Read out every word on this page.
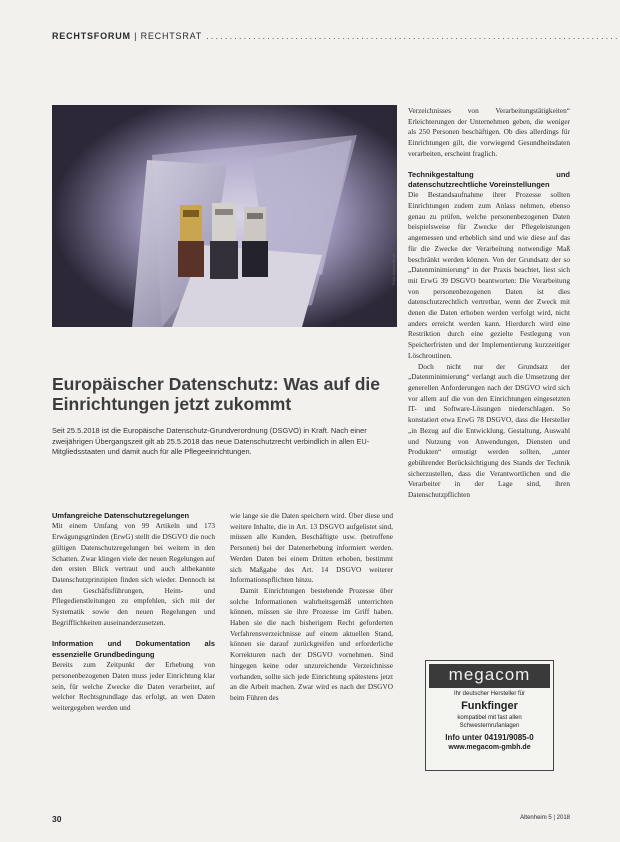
RECHTSFORUM | RECHTSRAT ........................................................................................
Foto: AdobeStock
Europäischer Datenschutz: Was auf die Einrichtungen jetzt zukommt
Seit 25.5.2018 ist die Europäische Datenschutz-Grundverordnung (DSGVO) in Kraft. Nach einer zweijährigen Übergangszeit gilt ab 25.5.2018 das neue Datenschutzrecht verbindlich in allen EU-Mitgliedsstaaten und damit auch für alle Pflegeeinrichtungen.

Umfangreiche Datenschutzregelungen

Mit einem Umfang von 99 Artikeln und 173 Erwägungsgründen (ErwG) stellt die DSGVO die noch gültigen Datenschutzregelungen bei weitem in den Schatten. Zwar klingen viele der neuen Regelungen auf den ersten Blick vertraut und auch altbekannte Datenschutzprinzipien finden sich wieder. Dennoch ist den Geschäftsführungen, Heim- und Pflegedienstleitungen zu empfehlen, sich mit der Systematik sowie den neuen Regelungen und Begrifflichkeiten auseinanderzusetzen.

Information und Dokumentation als essenzielle Grundbedingung

Bereits zum Zeitpunkt der Erhebung von personenbezogenen Daten muss jeder Einrichtung klar sein, für welche Zwecke die Daten verarbeitet, auf welcher Rechtsgrundlage das erfolgt, an wen Daten weitergegeben werden und

wie lange sie die Daten speichern wird. Über diese und weitere Inhalte, die in Art. 13 DSGVO aufgelistet sind, müssen alle Kunden, Beschäftigte usw. (betroffene Personen) bei der Datenerhebung informiert werden. Werden Daten bei einem Dritten erhoben, bestimmt sich Maßgabe des Art. 14 DSGVO weiterer Informationspflichten hinzu.

Damit Einrichtungen bestehende Prozesse über solche Informationen wahrheitsgemäß unterrichten können, müssen sie ihre Prozesse im Griff haben. Haben sie die nach bisherigem Recht geforderten Verfahrensverzeichnisse auf einem aktuellen Stand, können sie darauf zurückgreifen und erforderliche Korrekturen nach der DSGVO vornehmen. Sind hingegen keine oder unzureichende Verzeichnisse vorhanden, sollte sich jede Einrichtung spätestens jetzt an die Arbeit machen. Zwar wird es nach der DSGVO beim Führen des

Verzeichnisses von Verarbeitungstätigkeiten“ Erleichterungen der Unternehmen geben, die weniger als 250 Personen beschäftigen. Ob dies allerdings für Einrichtungen gilt, die vorwiegend Gesundheitsdaten verarbeiten, erscheint fraglich.

Technikgestaltung und datenschutzrechtliche Voreinstellungen

Die Bestandsaufnahme ihrer Prozesse sollten Einrichtungen zudem zum Anlass nehmen, ebenso genau zu prüfen, welche personenbezogenen Daten beispielsweise für Zwecke der Pflegeleistungen angemessen und erheblich sind und wie diese auf das für die Zwecke der Verarbeitung notwendige Maß beschränkt werden können. Von der Grundsatz der so „Datenminimierung“ in der Praxis beachtet, liest sich mit ErwG 39 DSGVO beantworten: Die Verarbeitung von personenbezogenen Daten ist dies datenschutzrechtlich vertretbar, wenn der Zweck mit denen die Daten erhoben werden verfolgt wird, nicht anders erreicht werden kann. Hierdurch wird eine Restriktion durch eine gezielte Festlegung von Speicherfristen und der Implementierung kurzzeitiger Löschroutinen.

Doch nicht nur der Grundsatz der „Datenminimierung“ verlangt auch die Umsetzung der generellen Anforderungen nach der DSGVO wird sich vor allem auf die von den Einrichtungen eingesetzten IT- und Software-Lösungen niederschlagen. So konstatiert etwa ErwG 78 DSGVO, dass die Hersteller „in Bezug auf die Entwicklung, Gestaltung, Auswahl und Nutzung von Anwendungen, Diensten und Produkten“ ermutigt werden sollten, „unter gebührender Berücksichtigung des Stands der Technik sicherzustellen, dass die Verantwortlichen und die Verarbeiter in der Lage sind, ihren Datenschutzpflichten

megacom
Ihr deutscher Hersteller für
Funkfinger
kompatibel mit fast allen
Schwesternrufanlagen
Info unter 04191/9085-0
www.megacom-gmbh.de
30	Altenheim 5 | 2018
